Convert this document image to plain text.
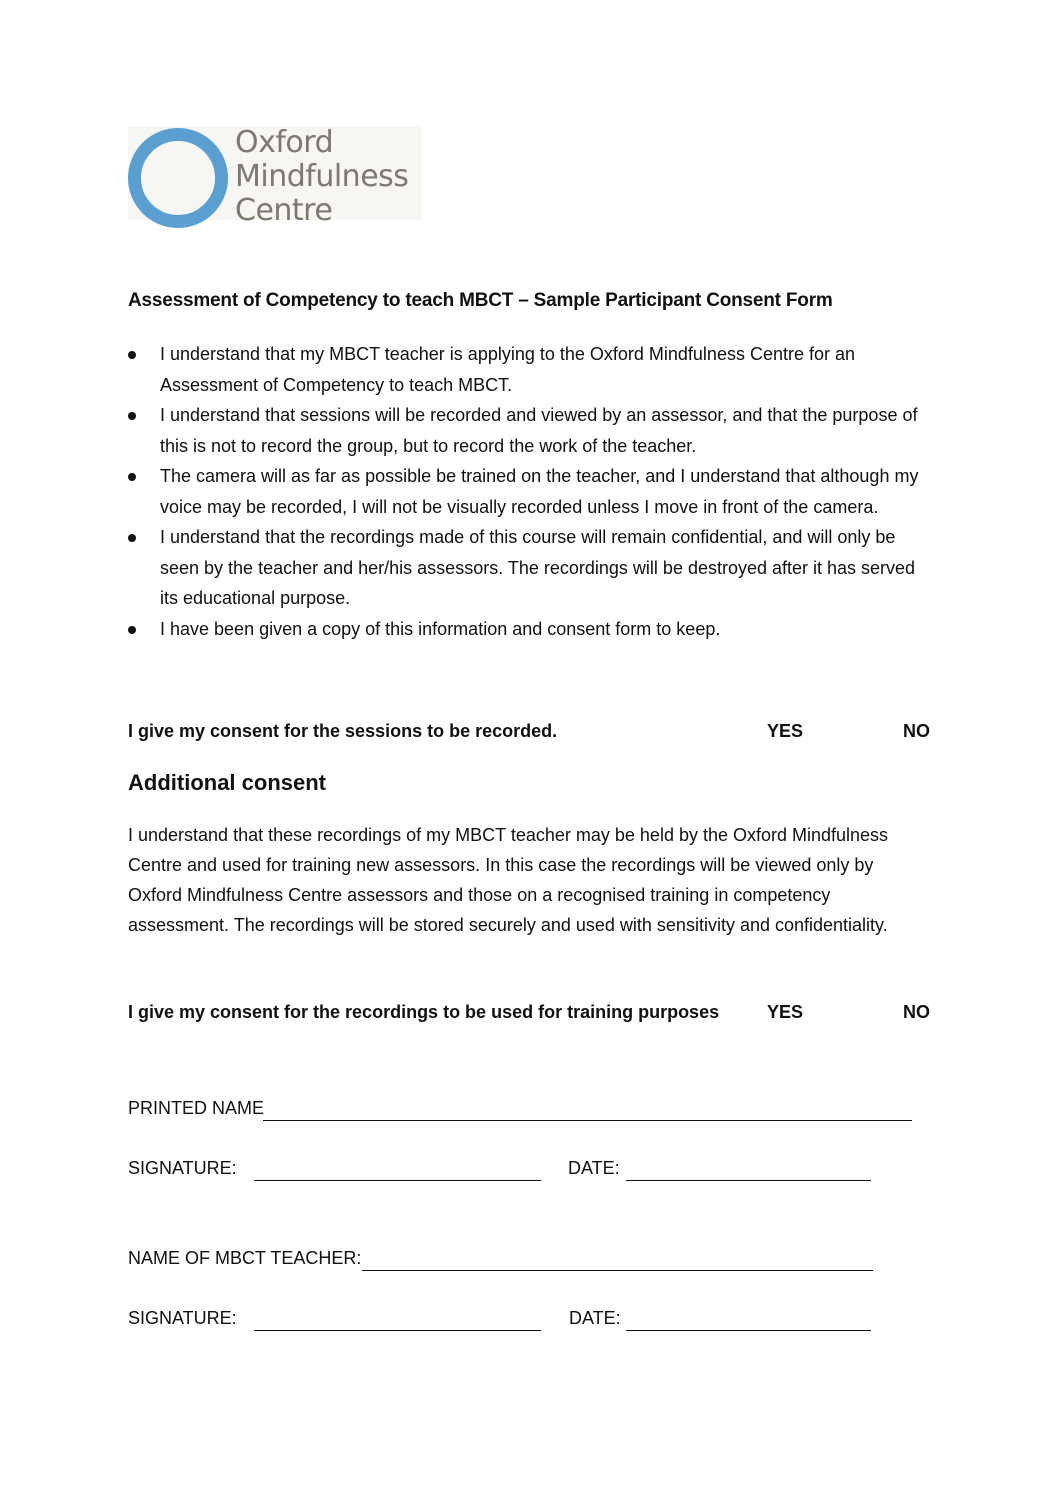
Oxford
Mindfulness
Centre
Assessment of Competency to teach MBCT – Sample Participant Consent Form
I understand that my MBCT teacher is applying to the Oxford Mindfulness Centre for an Assessment of Competency to teach MBCT.
I understand that sessions will be recorded and viewed by an assessor, and that the purpose of this is not to record the group, but to record the work of the teacher.
The camera will as far as possible be trained on the teacher, and I understand that although my voice may be recorded, I will not be visually recorded unless I move in front of the camera.
I understand that the recordings made of this course will remain confidential, and will only be seen by the teacher and her/his assessors. The recordings will be destroyed after it has served its educational purpose.
I have been given a copy of this information and consent form to keep.
I give my consent for the sessions to be recorded.	YES	NO
Additional consent

I understand that these recordings of my MBCT teacher may be held by the Oxford Mindfulness Centre and used for training new assessors. In this case the recordings will be viewed only by Oxford Mindfulness Centre assessors and those on a recognised training in competency assessment. The recordings will be stored securely and used with sensitivity and confidentiality.

I give my consent for the recordings to be used for training purposes	YES	NO
PRINTED NAME
SIGNATURE:	DATE:
NAME OF MBCT TEACHER:
SIGNATURE:	DATE:
